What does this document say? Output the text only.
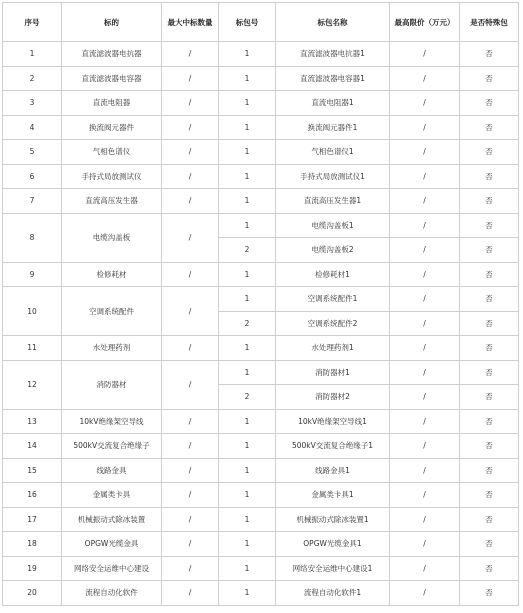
序号	标的	最大中标数量	标包号	标包名称	最高限价（万元）	是否特殊包
1	直流滤波器电抗器	/	1	直流滤波器电抗器1	/	否
2	直流滤波器电容器	/	1	直流滤波器电容器1	/	否
3	直流电阻器	/	1	直流电阻器1	/	否
4	换流阀元器件	/	1	换流阀元器件1	/	否
5	气相色谱仪	/	1	气相色谱仪1	/	否
6	手持式局放测试仪	/	1	手持式局放测试仪1	/	否
7	直流高压发生器	/	1	直流高压发生器1	/	否
8	电缆沟盖板	/	1	电缆沟盖板1	/	否
			2	电缆沟盖板2	/	否
9	检修耗材	/	1	检修耗材1	/	否
10	空调系统配件	/	1	空调系统配件1	/	否
			2	空调系统配件2	/	否
11	水处理药剂	/	1	水处理药剂1	/	否
12	消防器材	/	1	消防器材1	/	否
			2	消防器材2	/	否
13	10kV绝缘架空导线	/	1	10kV绝缘架空导线1	/	否
14	500kV交流复合绝缘子	/	1	500kV交流复合绝缘子1	/	否
15	线路金具	/	1	线路金具1	/	否
16	金属类卡具	/	1	金属类卡具1	/	否
17	机械振动式除冰装置	/	1	机械振动式除冰装置1	/	否
18	OPGW光缆金具	/	1	OPGW光缆金具1	/	否
19	网络安全运维中心建设	/	1	网络安全运维中心建设1	/	否
20	流程自动化软件	/	1	流程自动化软件1	/	否
